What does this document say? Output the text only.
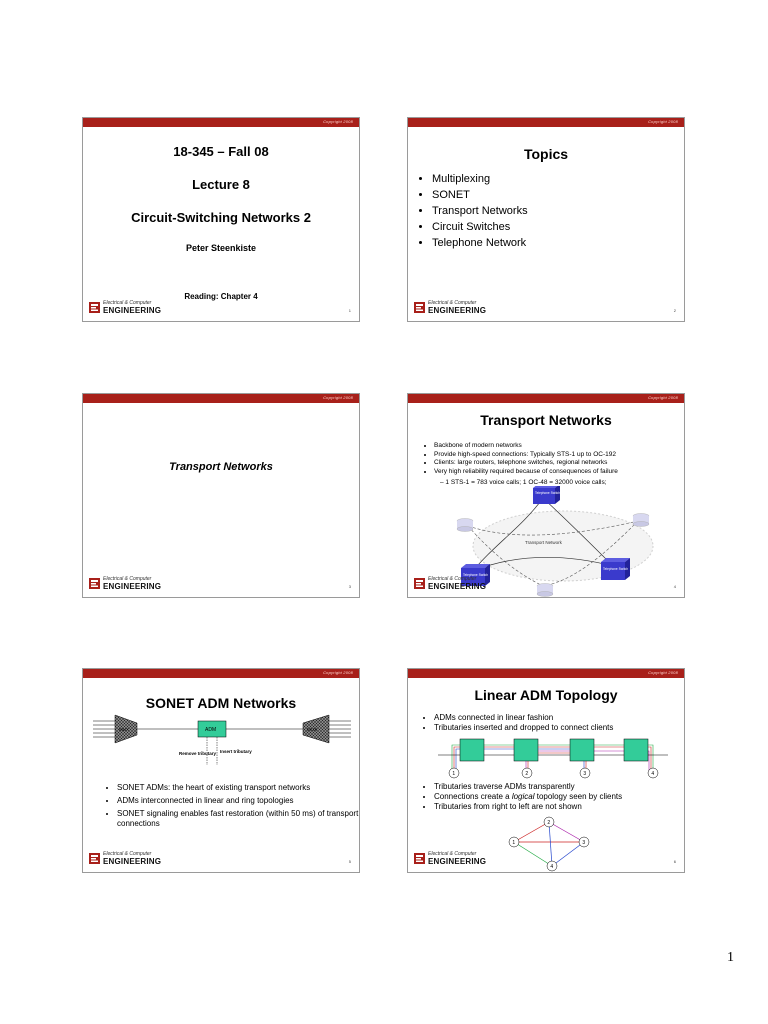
Copyright 2008
18-345 – Fall 08
Lecture 8
Circuit-Switching Networks 2
Peter Steenkiste
Reading: Chapter 4
Electrical & Computer
ENGINEERING	1
Copyright 2008
Topics
• Multiplexing
• SONET
• Transport Networks
• Circuit Switches
• Telephone Network
Electrical & Computer
ENGINEERING	2
Copyright 2008
Transport Networks
Electrical & Computer
ENGINEERING	3
Copyright 2008
Transport Networks
• Backbone of modern networks
• Provide high-speed connections: Typically STS-1 up to OC-192
• Clients: large routers, telephone switches, regional networks
• Very high reliability required because of consequences of failure
– 1 STS-1 = 783 voice calls; 1 OC-48 = 32000 voice calls;
Transport Network
Telephone Switch
Telephone Switch
Telephone Switch
Electrical & Computer
ENGINEERING	4
Copyright 2008
SONET ADM Networks
MUX	ADM	MUX
Remove tributary Insert tributary
• SONET ADMs: the heart of existing transport networks
• ADMs interconnected in linear and ring topologies
• SONET signaling enables fast restoration (within 50 ms) of transport connections
Electrical & Computer
ENGINEERING	5
Copyright 2008
Linear ADM Topology
• ADMs connected in linear fashion
• Tributaries inserted and dropped to connect clients
1	2	3	4
• Tributaries traverse ADMs transparently
• Connections create a logical topology seen by clients
• Tributaries from right to left are not shown
2
1	3
4
Electrical & Computer
ENGINEERING	6
1
